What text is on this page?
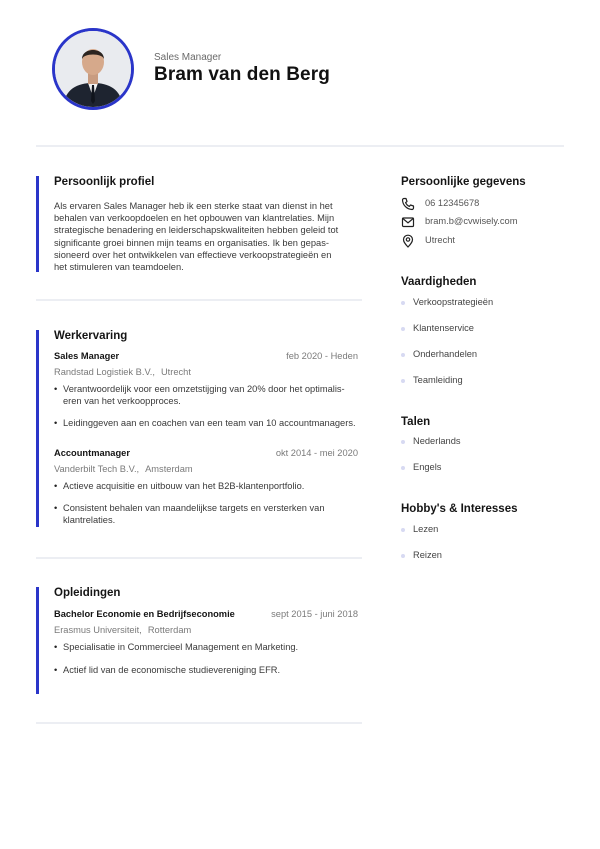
Sales Manager
Bram van den Berg
Persoonlijk profiel
Als ervaren Sales Manager heb ik een sterke staat van dienst in het
behalen van verkoopdoelen en het opbouwen van klantrelaties. Mijn
strategische benadering en leiderschapskwaliteiten hebben geleid tot
significante groei binnen mijn teams en organisaties. Ik ben gepas-
sioneerd over het ontwikkelen van effectieve verkoopstrategieën en
het stimuleren van teamdoelen.
Werkervaring
Sales Manager	feb 2020 - Heden
Randstad Logistiek B.V., Utrecht
• Verantwoordelijk voor een omzetstijging van 20% door het optimalis-
eren van het verkoopproces.
• Leidinggeven aan en coachen van een team van 10 accountmanagers.
Accountmanager	okt 2014 - mei 2020
Vanderbilt Tech B.V., Amsterdam
• Actieve acquisitie en uitbouw van het B2B-klantenportfolio.
• Consistent behalen van maandelijkse targets en versterken van
klantrelaties.
Opleidingen
Bachelor Economie en Bedrijfseconomie	sept 2015 - juni 2018
Erasmus Universiteit, Rotterdam
• Specialisatie in Commercieel Management en Marketing.
• Actief lid van de economische studievereniging EFR.
Persoonlijke gegevens
06 12345678
bram.b@cvwisely.com
Utrecht
Vaardigheden
Verkoopstrategieën
Klantenservice
Onderhandelen
Teamleiding
Talen
Nederlands
Engels
Hobby's & Interesses
Lezen
Reizen
